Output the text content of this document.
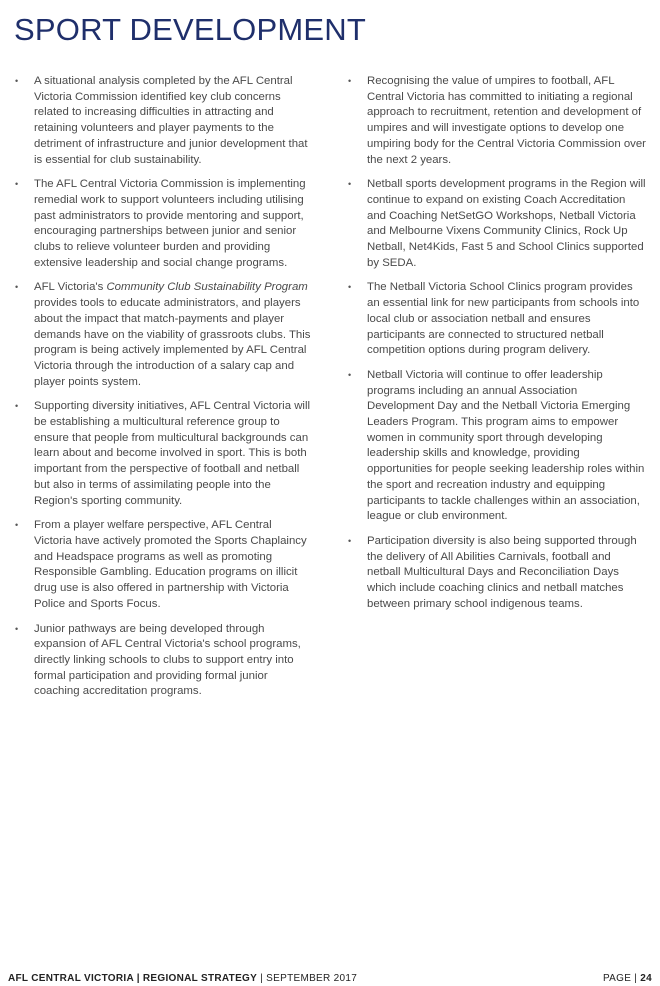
SPORT DEVELOPMENT
• A situational analysis completed by the AFL Central Victoria Commission identified key club concerns related to increasing difficulties in attracting and retaining volunteers and player payments to the detriment of infrastructure and junior development that is essential for club sustainability.
• The AFL Central Victoria Commission is implementing remedial work to support volunteers including utilising past administrators to provide mentoring and support, encouraging partnerships between junior and senior clubs to relieve volunteer burden and providing extensive leadership and social change programs.
• AFL Victoria's Community Club Sustainability Program provides tools to educate administrators, and players about the impact that match-payments and player demands have on the viability of grassroots clubs. This program is being actively implemented by AFL Central Victoria through the introduction of a salary cap and player points system.
• Supporting diversity initiatives, AFL Central Victoria will be establishing a multicultural reference group to ensure that people from multicultural backgrounds can learn about and become involved in sport. This is both important from the perspective of football and netball but also in terms of assimilating people into the Region's sporting community.
• From a player welfare perspective, AFL Central Victoria have actively promoted the Sports Chaplaincy and Headspace programs as well as promoting Responsible Gambling. Education programs on illicit drug use is also offered in partnership with Victoria Police and Sports Focus.
• Junior pathways are being developed through expansion of AFL Central Victoria's school programs, directly linking schools to clubs to support entry into formal participation and providing formal junior coaching accreditation programs.
• Recognising the value of umpires to football, AFL Central Victoria has committed to initiating a regional approach to recruitment, retention and development of umpires and will investigate options to develop one umpiring body for the Central Victoria Commission over the next 2 years.
• Netball sports development programs in the Region will continue to expand on existing Coach Accreditation and Coaching NetSetGO Workshops, Netball Victoria and Melbourne Vixens Community Clinics, Rock Up Netball, Net4Kids, Fast 5 and School Clinics supported by SEDA.
• The Netball Victoria School Clinics program provides an essential link for new participants from schools into local club or association netball and ensures participants are connected to structured netball competition options during program delivery.
• Netball Victoria will continue to offer leadership programs including an annual Association Development Day and the Netball Victoria Emerging Leaders Program. This program aims to empower women in community sport through developing leadership skills and knowledge, providing opportunities for people seeking leadership roles within the sport and recreation industry and equipping participants to tackle challenges within an association, league or club environment.
• Participation diversity is also being supported through the delivery of All Abilities Carnivals, football and netball Multicultural Days and Reconciliation Days which include coaching clinics and netball matches between primary school indigenous teams.
AFL CENTRAL VICTORIA | REGIONAL STRATEGY | SEPTEMBER 2017	PAGE | 24
